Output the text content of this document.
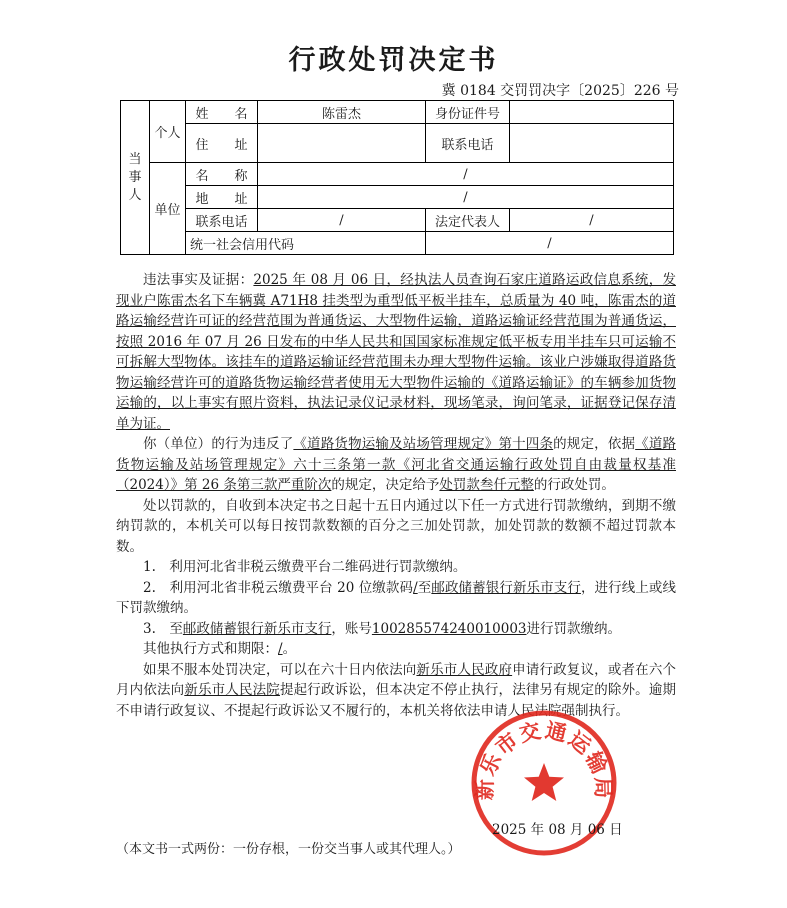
行政处罚决定书
冀 0184 交罚罚决字〔2025〕226 号
当事人	个人	姓　　名	陈雷杰	身份证件号	
		住　　址		联系电话	
	单位	名　　称	/		
		地　　址	/		
		联系电话	/	法定代表人	/
		统一社会信用代码		/	

违法事实及证据：2025 年 08 月 06 日，经执法人员查询石家庄道路运政信息系统，发现业户陈雷杰名下车辆冀 A71H8 挂类型为重型低平板半挂车，总质量为 40 吨，陈雷杰的道路运输经营许可证的经营范围为普通货运、大型物件运输，道路运输证经营范围为普通货运，按照 2016 年 07 月 26 日发布的中华人民共和国国家标准规定低平板专用半挂车只可运输不可拆解大型物体。该挂车的道路运输证经营范围未办理大型物件运输。该业户涉嫌取得道路货物运输经营许可的道路货物运输经营者使用无大型物件运输的《道路运输证》的车辆参加货物运输的，以上事实有照片资料，执法记录仪记录材料，现场笔录，询问笔录，证据登记保存清单为证。

你（单位）的行为违反了《道路货物运输及站场管理规定》第十四条的规定，依据《道路货物运输及站场管理规定》六十三条第一款《河北省交通运输行政处罚自由裁量权基准（2024）》第 26 条第三款严重阶次的规定，决定给予处罚款叁仟元整的行政处罚。

处以罚款的，自收到本决定书之日起十五日内通过以下任一方式进行罚款缴纳，到期不缴纳罚款的，本机关可以每日按罚款数额的百分之三加处罚款，加处罚款的数额不超过罚款本数。

1.　利用河北省非税云缴费平台二维码进行罚款缴纳。

2.　利用河北省非税云缴费平台 20 位缴款码/至邮政储蓄银行新乐市支行，进行线上或线下罚款缴纳。

3.　至邮政储蓄银行新乐市支行，账号100285574240010003进行罚款缴纳。

其他执行方式和期限：/。

如果不服本处罚决定，可以在六十日内依法向新乐市人民政府申请行政复议，或者在六个月内依法向新乐市人民法院提起行政诉讼，但本决定不停止执行，法律另有规定的除外。逾期不申请行政复议、不提起行政诉讼又不履行的，本机关将依法申请人民法院强制执行。

新乐市交通运输局
2025 年 08 月 06 日
（本文书一式两份：一份存根，一份交当事人或其代理人。）
